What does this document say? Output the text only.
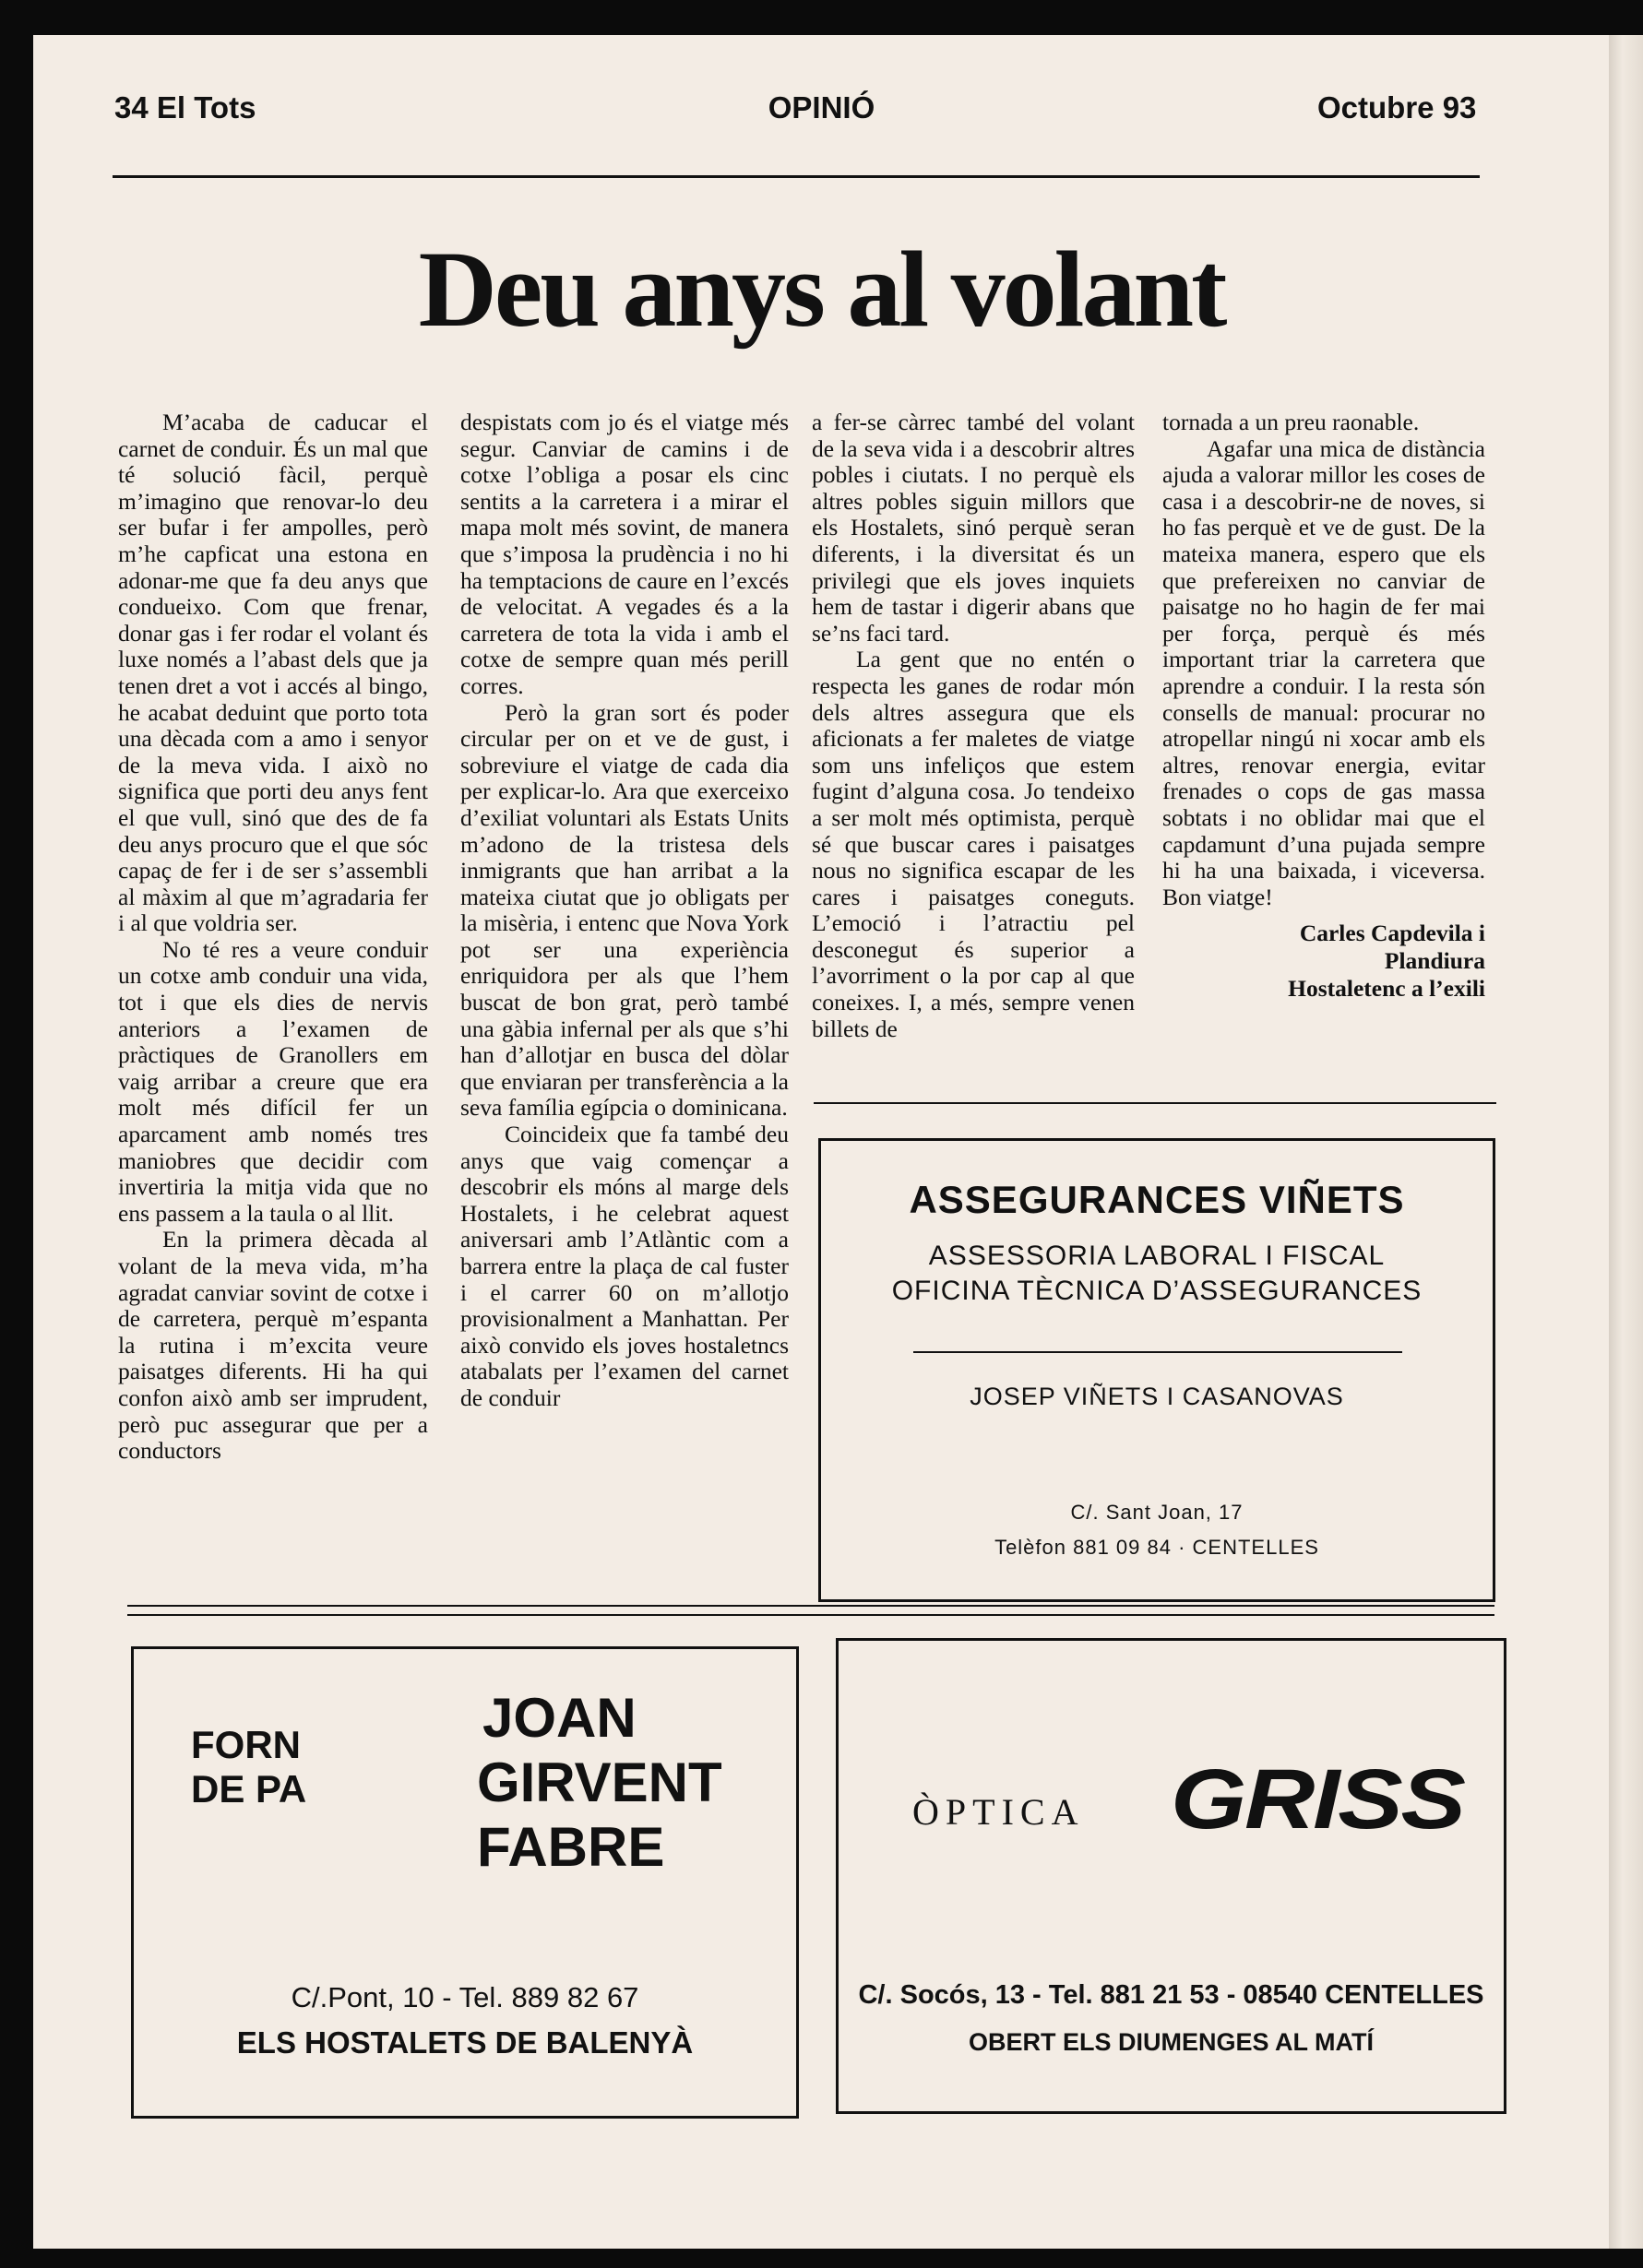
34 El Tots	OPINIÓ	Octubre 93
Deu anys al volant

M’acaba de caducar el carnet de conduir. És un mal que té solució fàcil, perquè m’imagino que renovar-lo deu ser bufar i fer ampolles, però m’he capficat una estona en adonar-me que fa deu anys que condueixo. Com que frenar, donar gas i fer rodar el volant és luxe només a l’abast dels que ja tenen dret a vot i accés al bingo, he acabat deduint que porto tota una dècada com a amo i senyor de la meva vida. I això no significa que porti deu anys fent el que vull, sinó que des de fa deu anys procuro que el que sóc capaç de fer i de ser s’assembli al màxim al que m’agradaria fer i al que voldria ser.

No té res a veure conduir un cotxe amb conduir una vida, tot i que els dies de nervis anteriors a l’examen de pràctiques de Granollers em vaig arribar a creure que era molt més difícil fer un aparcament amb només tres maniobres que decidir com invertiria la mitja vida que no ens passem a la taula o al llit.

En la primera dècada al volant de la meva vida, m’ha agradat canviar sovint de cotxe i de carretera, perquè m’espanta la rutina i m’excita veure paisatges diferents. Hi ha qui confon això amb ser imprudent, però puc assegurar que per a conductors

despistats com jo és el viatge més segur. Canviar de camins i de cotxe l’obliga a posar els cinc sentits a la carretera i a mirar el mapa molt més sovint, de manera que s’imposa la prudència i no hi ha temptacions de caure en l’excés de velocitat. A vegades és a la carretera de tota la vida i amb el cotxe de sempre quan més perill corres.

Però la gran sort és poder circular per on et ve de gust, i sobreviure el viatge de cada dia per explicar-lo. Ara que exerceixo d’exiliat voluntari als Estats Units m’adono de la tristesa dels inmigrants que han arribat a la mateixa ciutat que jo obligats per la misèria, i entenc que Nova York pot ser una experiència enriquidora per als que l’hem buscat de bon grat, però també una gàbia infernal per als que s’hi han d’allotjar en busca del dòlar que enviaran per transferència a la seva família egípcia o dominicana.

Coincideix que fa també deu anys que vaig començar a descobrir els móns al marge dels Hostalets, i he celebrat aquest aniversari amb l’Atlàntic com a barrera entre la plaça de cal fuster i el carrer 60 on m’allotjo provisionalment a Manhattan. Per això convido els joves hostaletncs atabalats per l’examen del carnet de conduir

a fer-se càrrec també del volant de la seva vida i a descobrir altres pobles i ciutats. I no perquè els altres pobles siguin millors que els Hostalets, sinó perquè seran diferents, i la diversitat és un privilegi que els joves inquiets hem de tastar i digerir abans que se’ns faci tard.

La gent que no entén o respecta les ganes de rodar món dels altres assegura que els aficionats a fer maletes de viatge som uns infeliços que estem fugint d’alguna cosa. Jo tendeixo a ser molt més optimista, perquè sé que buscar cares i paisatges nous no significa escapar de les cares i paisatges coneguts. L’emoció i l’atractiu pel desconegut és superior a l’avorriment o la por cap al que coneixes. I, a més, sempre venen billets de

tornada a un preu raonable.

Agafar una mica de distància ajuda a valorar millor les coses de casa i a descobrir-ne de noves, si ho fas perquè et ve de gust. De la mateixa manera, espero que els que prefereixen no canviar de paisatge no ho hagin de fer mai per força, perquè és més important triar la carretera que aprendre a conduir. I la resta són consells de manual: procurar no atropellar ningú ni xocar amb els altres, renovar energia, evitar frenades o cops de gas massa sobtats i no oblidar mai que el capdamunt d’una pujada sempre hi ha una baixada, i viceversa. Bon viatge!

Carles Capdevila i
Plandiura
Hostaletenc a l’exili
ASSEGURANCES VIÑETS
ASSESSORIA LABORAL I FISCAL
OFICINA TÈCNICA D’ASSEGURANCES
JOSEP VIÑETS I CASANOVAS
C/. Sant Joan, 17
Telèfon 881 09 84 · CENTELLES
FORN
DE PA
JOAN
GIRVENT
FABRE
C/.Pont, 10 - Tel. 889 82 67
ELS HOSTALETS DE BALENYÀ
ÒPTICA GRISS
C/. Socós, 13 - Tel. 881 21 53 - 08540 CENTELLES
OBERT ELS DIUMENGES AL MATÍ
